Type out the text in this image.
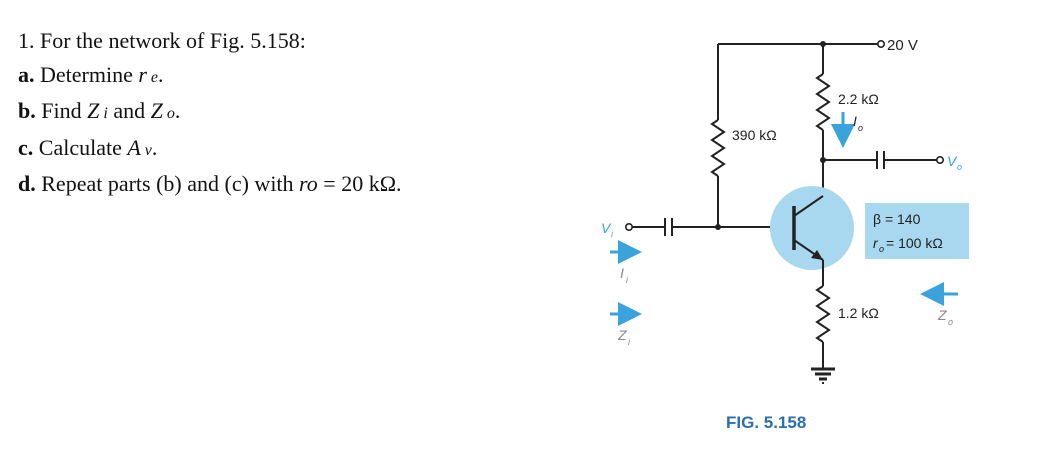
1. For the network of Fig. 5.158:
a. Determine r e.
b. Find Z i and Z o.
c. Calculate A v.
d. Repeat parts (b) and (c) with ro = 20 kΩ.
20 V
390 kΩ
2.2 kΩ
I o
V o
V i
I i
Z i
1.2 kΩ	Z o
β = 140
r o = 100 kΩ
FIG. 5.158
